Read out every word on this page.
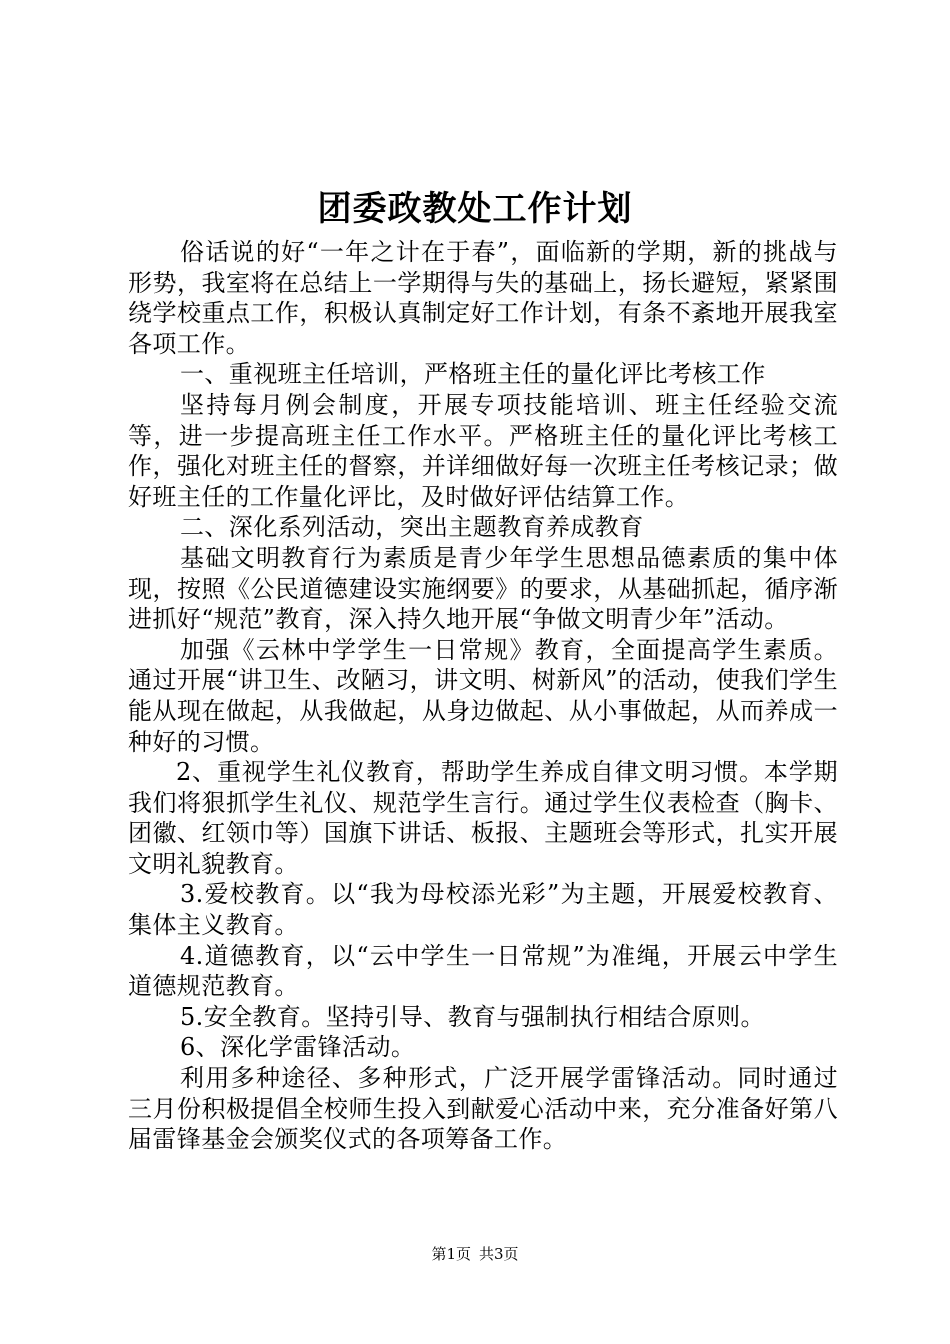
团委政教处工作计划

俗话说的好“一年之计在于春”，面临新的学期，新的挑战与形势，我室将在总结上一学期得与失的基础上，扬长避短，紧紧围绕学校重点工作，积极认真制定好工作计划，有条不紊地开展我室各项工作。

一、重视班主任培训，严格班主任的量化评比考核工作

坚持每月例会制度，开展专项技能培训、班主任经验交流等，进一步提高班主任工作水平。严格班主任的量化评比考核工作，强化对班主任的督察，并详细做好每一次班主任考核记录；做好班主任的工作量化评比，及时做好评估结算工作。

二、深化系列活动，突出主题教育养成教育

基础文明教育行为素质是青少年学生思想品德素质的集中体现，按照《公民道德建设实施纲要》的要求，从基础抓起，循序渐进抓好“规范”教育，深入持久地开展“争做文明青少年”活动。

加强《云林中学学生一日常规》教育，全面提高学生素质。通过开展“讲卫生、改陋习，讲文明、树新风”的活动，使我们学生能从现在做起，从我做起，从身边做起、从小事做起，从而养成一种好的习惯。

2、重视学生礼仪教育，帮助学生养成自律文明习惯。本学期我们将狠抓学生礼仪、规范学生言行。通过学生仪表检查（胸卡、团徽、红领巾等）国旗下讲话、板报、主题班会等形式，扎实开展文明礼貌教育。

3.爱校教育。以“我为母校添光彩”为主题，开展爱校教育、集体主义教育。

4.道德教育，以“云中学生一日常规”为准绳，开展云中学生道德规范教育。

5.安全教育。坚持引导、教育与强制执行相结合原则。

6、深化学雷锋活动。

利用多种途径、多种形式，广泛开展学雷锋活动。同时通过三月份积极提倡全校师生投入到献爱心活动中来，充分准备好第八届雷锋基金会颁奖仪式的各项筹备工作。

第1页 共3页
